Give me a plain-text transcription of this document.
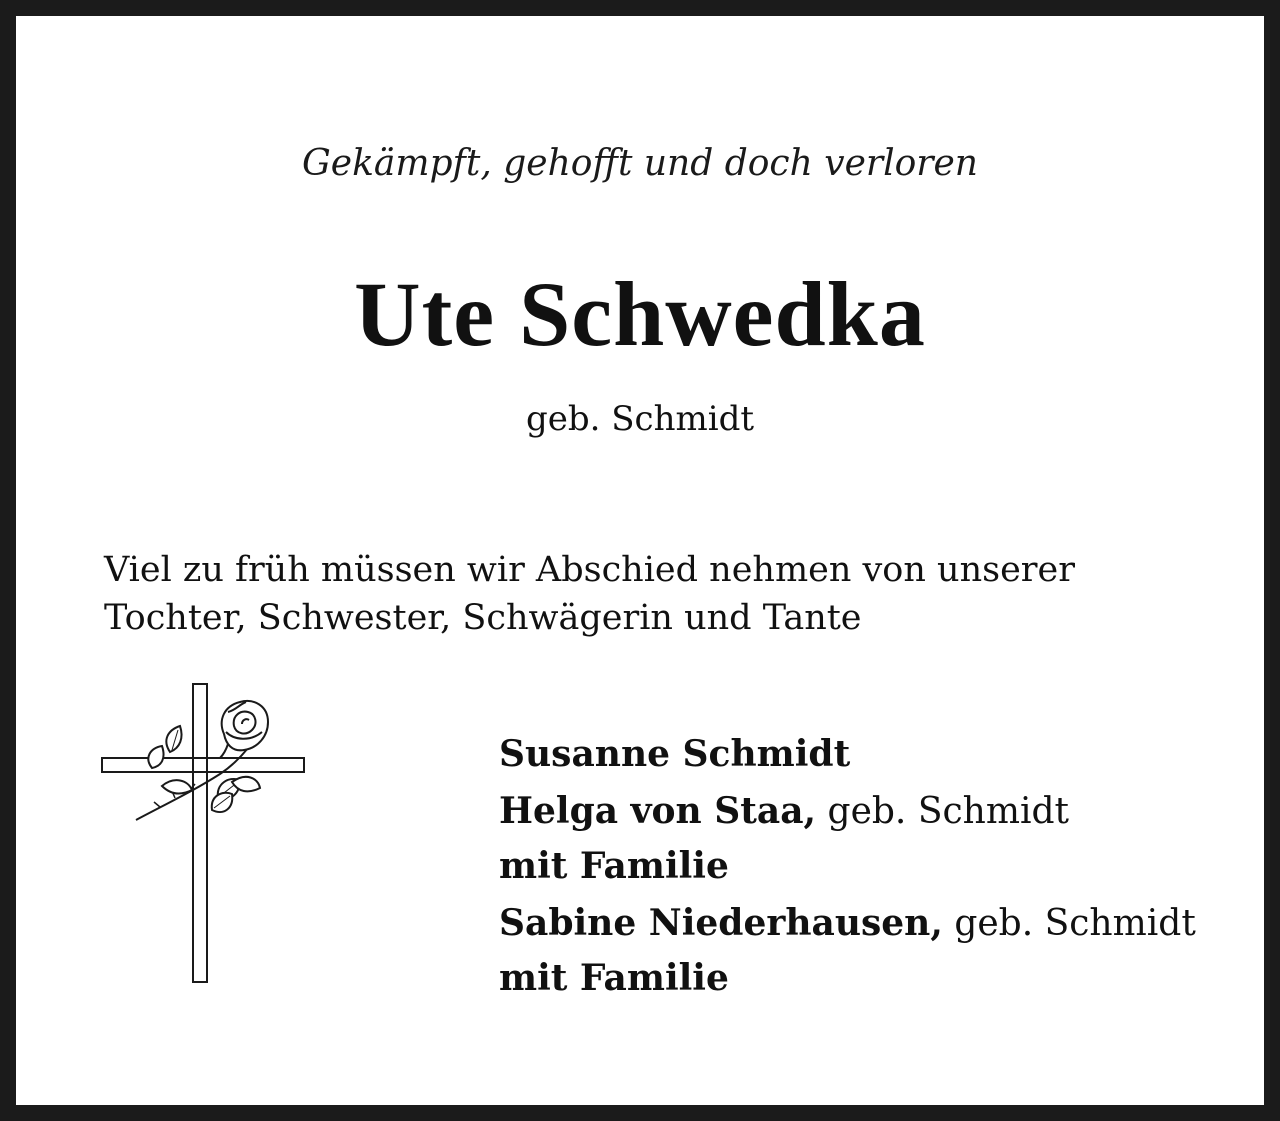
Gekämpft, gehofft und doch verloren
Ute Schwedka
geb. Schmidt
Viel zu früh müssen wir Abschied nehmen von unserer
Tochter, Schwester, Schwägerin und Tante
Susanne Schmidt
Helga von Staa, geb. Schmidt
mit Familie
Sabine Niederhausen, geb. Schmidt
mit Familie
